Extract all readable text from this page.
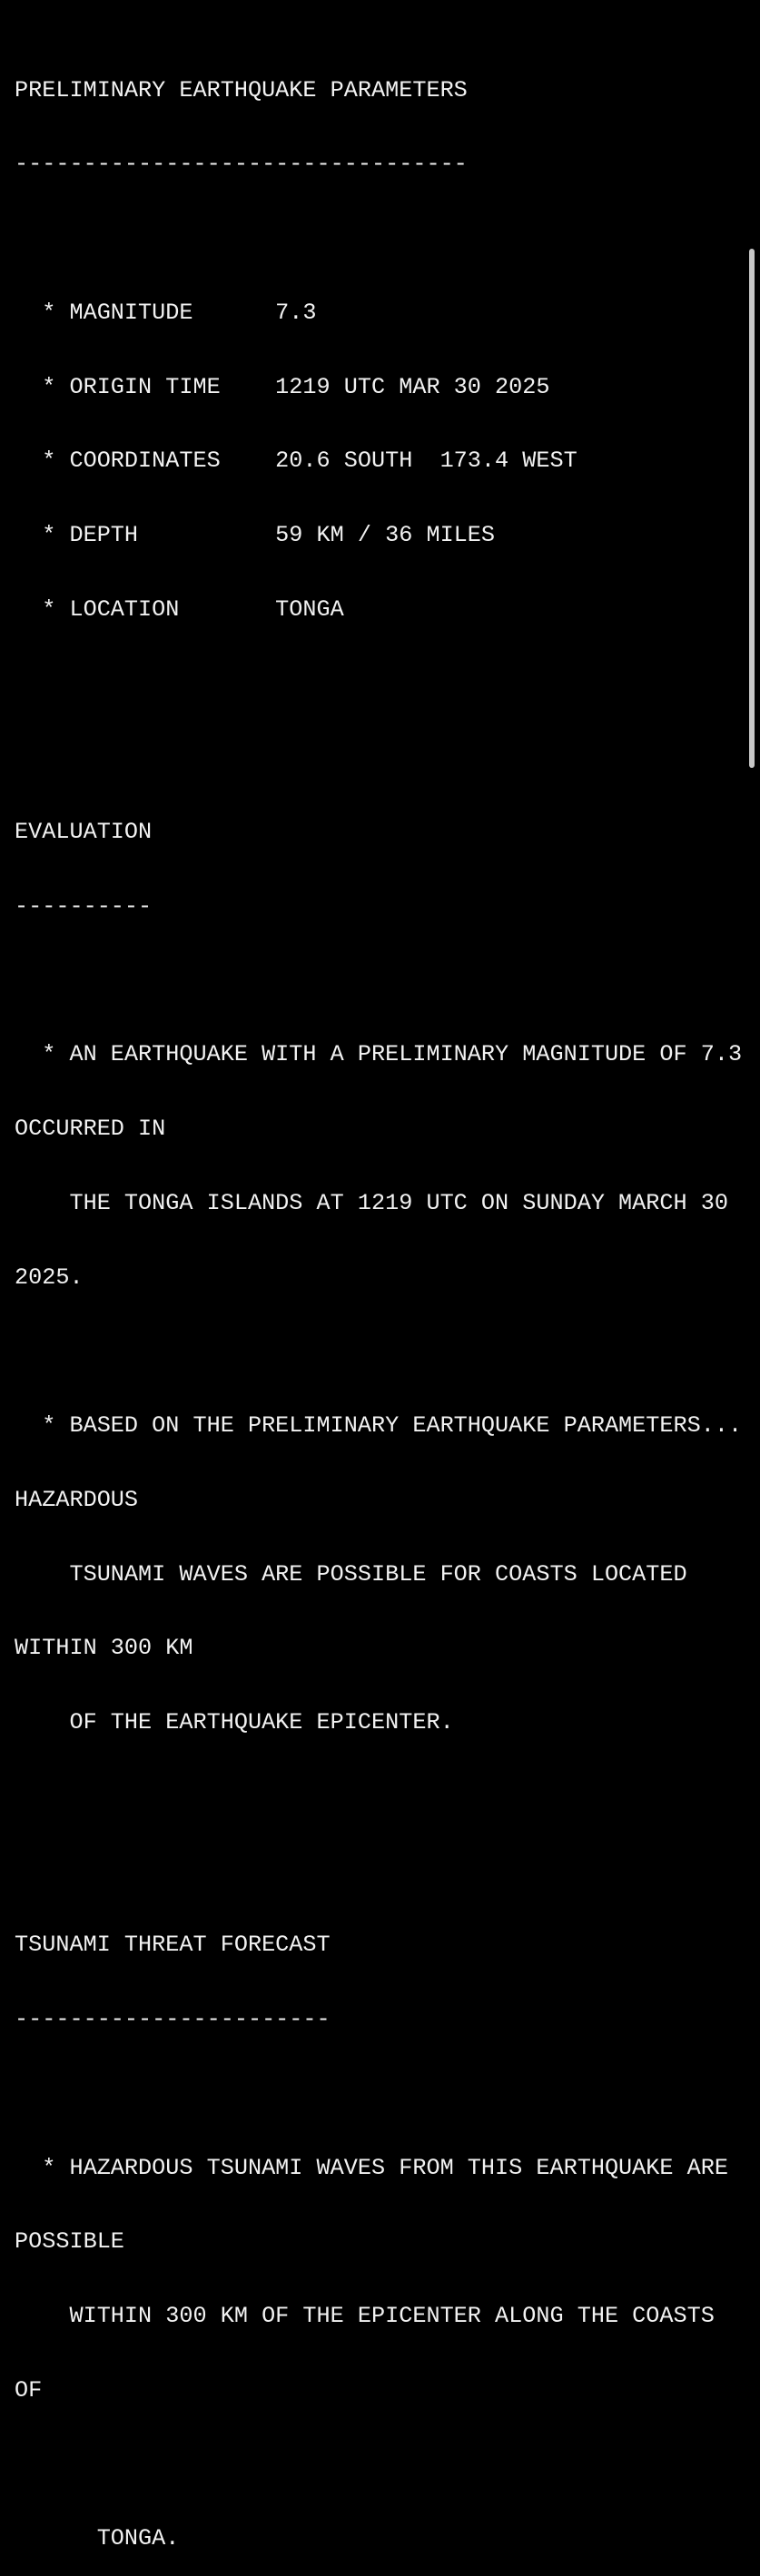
PRELIMINARY EARTHQUAKE PARAMETERS

---------------------------------

* MAGNITUDE      7.3

* ORIGIN TIME    1219 UTC MAR 30 2025

* COORDINATES    20.6 SOUTH  173.4 WEST

* DEPTH          59 KM / 36 MILES

* LOCATION       TONGA

EVALUATION

----------

* AN EARTHQUAKE WITH A PRELIMINARY MAGNITUDE OF 7.3

OCCURRED IN

THE TONGA ISLANDS AT 1219 UTC ON SUNDAY MARCH 30

2025.

* BASED ON THE PRELIMINARY EARTHQUAKE PARAMETERS...

HAZARDOUS

TSUNAMI WAVES ARE POSSIBLE FOR COASTS LOCATED

WITHIN 300 KM

OF THE EARTHQUAKE EPICENTER.

TSUNAMI THREAT FORECAST

-----------------------

* HAZARDOUS TSUNAMI WAVES FROM THIS EARTHQUAKE ARE

POSSIBLE

WITHIN 300 KM OF THE EPICENTER ALONG THE COASTS

OF

TONGA.
